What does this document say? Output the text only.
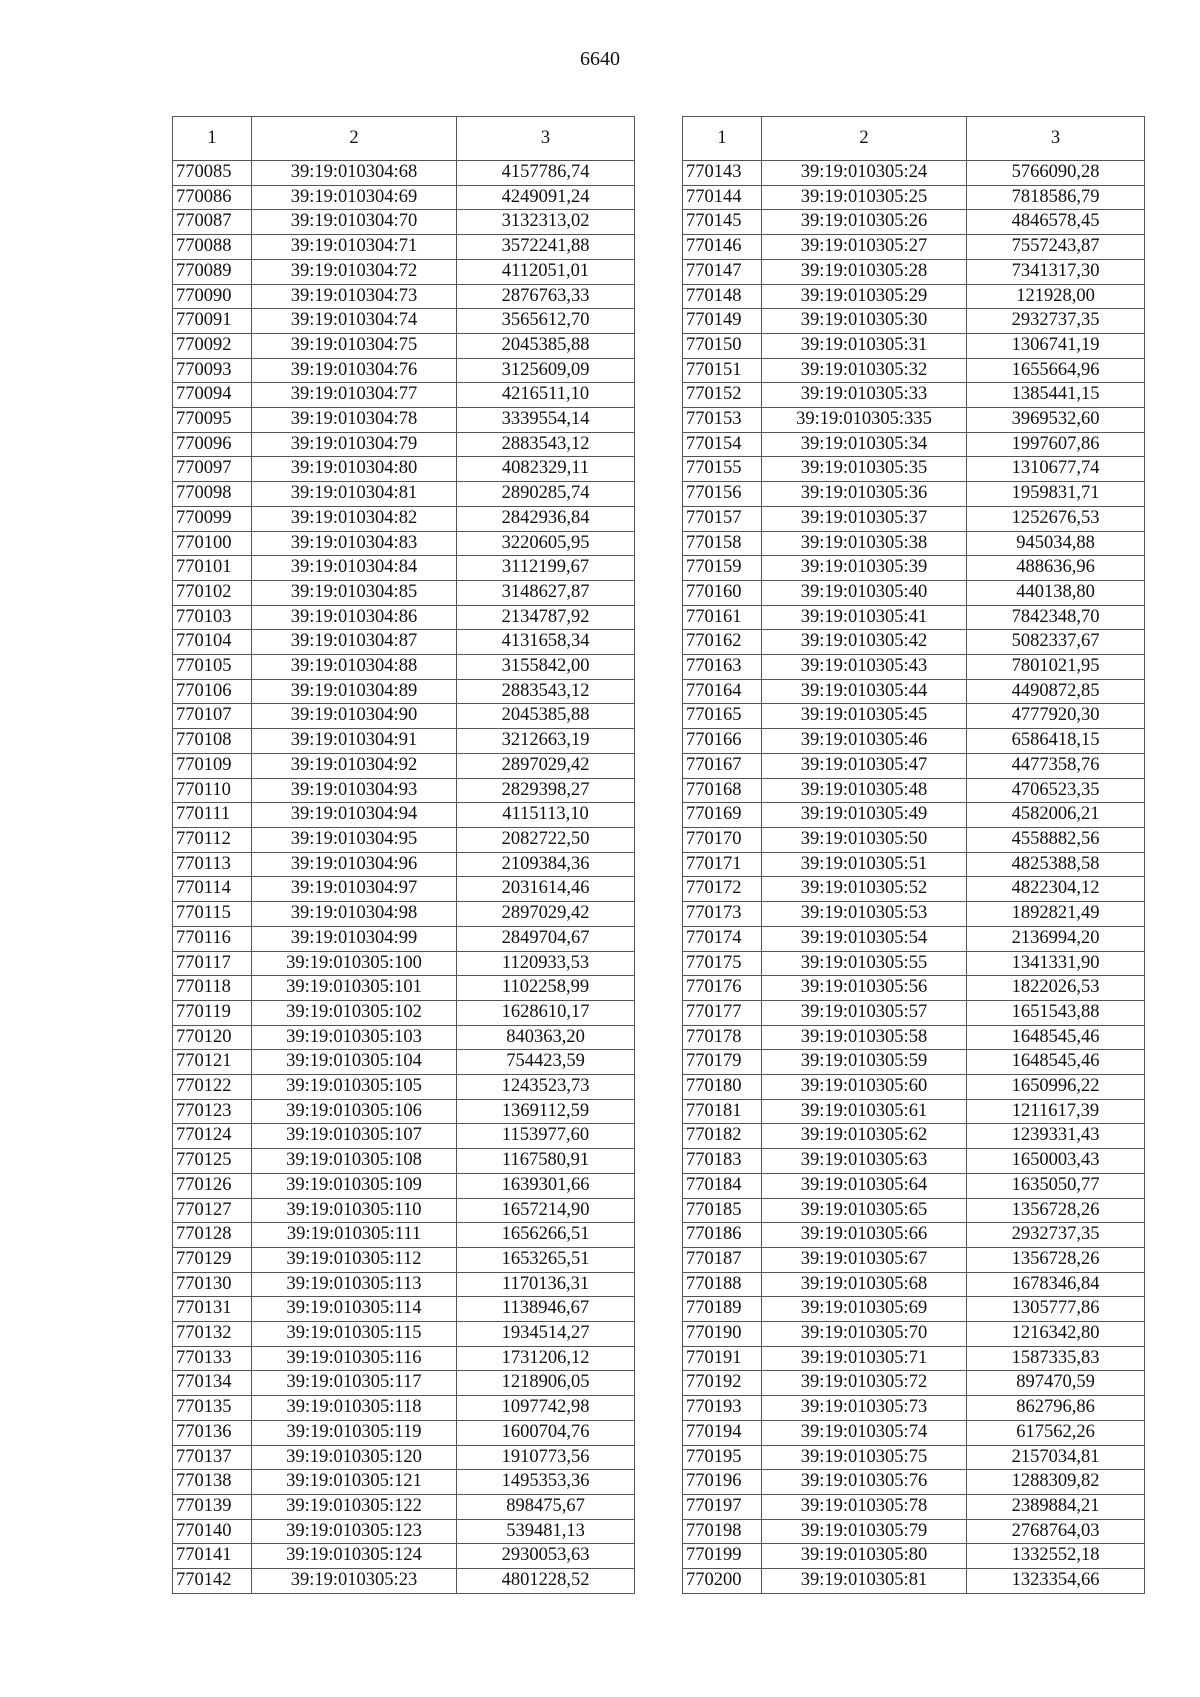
6640
1	2	3
770085	39:19:010304:68	4157786,74
770086	39:19:010304:69	4249091,24
770087	39:19:010304:70	3132313,02
770088	39:19:010304:71	3572241,88
770089	39:19:010304:72	4112051,01
770090	39:19:010304:73	2876763,33
770091	39:19:010304:74	3565612,70
770092	39:19:010304:75	2045385,88
770093	39:19:010304:76	3125609,09
770094	39:19:010304:77	4216511,10
770095	39:19:010304:78	3339554,14
770096	39:19:010304:79	2883543,12
770097	39:19:010304:80	4082329,11
770098	39:19:010304:81	2890285,74
770099	39:19:010304:82	2842936,84
770100	39:19:010304:83	3220605,95
770101	39:19:010304:84	3112199,67
770102	39:19:010304:85	3148627,87
770103	39:19:010304:86	2134787,92
770104	39:19:010304:87	4131658,34
770105	39:19:010304:88	3155842,00
770106	39:19:010304:89	2883543,12
770107	39:19:010304:90	2045385,88
770108	39:19:010304:91	3212663,19
770109	39:19:010304:92	2897029,42
770110	39:19:010304:93	2829398,27
770111	39:19:010304:94	4115113,10
770112	39:19:010304:95	2082722,50
770113	39:19:010304:96	2109384,36
770114	39:19:010304:97	2031614,46
770115	39:19:010304:98	2897029,42
770116	39:19:010304:99	2849704,67
770117	39:19:010305:100	1120933,53
770118	39:19:010305:101	1102258,99
770119	39:19:010305:102	1628610,17
770120	39:19:010305:103	840363,20
770121	39:19:010305:104	754423,59
770122	39:19:010305:105	1243523,73
770123	39:19:010305:106	1369112,59
770124	39:19:010305:107	1153977,60
770125	39:19:010305:108	1167580,91
770126	39:19:010305:109	1639301,66
770127	39:19:010305:110	1657214,90
770128	39:19:010305:111	1656266,51
770129	39:19:010305:112	1653265,51
770130	39:19:010305:113	1170136,31
770131	39:19:010305:114	1138946,67
770132	39:19:010305:115	1934514,27
770133	39:19:010305:116	1731206,12
770134	39:19:010305:117	1218906,05
770135	39:19:010305:118	1097742,98
770136	39:19:010305:119	1600704,76
770137	39:19:010305:120	1910773,56
770138	39:19:010305:121	1495353,36
770139	39:19:010305:122	898475,67
770140	39:19:010305:123	539481,13
770141	39:19:010305:124	2930053,63
770142	39:19:010305:23	4801228,52
1	2	3
770143	39:19:010305:24	5766090,28
770144	39:19:010305:25	7818586,79
770145	39:19:010305:26	4846578,45
770146	39:19:010305:27	7557243,87
770147	39:19:010305:28	7341317,30
770148	39:19:010305:29	121928,00
770149	39:19:010305:30	2932737,35
770150	39:19:010305:31	1306741,19
770151	39:19:010305:32	1655664,96
770152	39:19:010305:33	1385441,15
770153	39:19:010305:335	3969532,60
770154	39:19:010305:34	1997607,86
770155	39:19:010305:35	1310677,74
770156	39:19:010305:36	1959831,71
770157	39:19:010305:37	1252676,53
770158	39:19:010305:38	945034,88
770159	39:19:010305:39	488636,96
770160	39:19:010305:40	440138,80
770161	39:19:010305:41	7842348,70
770162	39:19:010305:42	5082337,67
770163	39:19:010305:43	7801021,95
770164	39:19:010305:44	4490872,85
770165	39:19:010305:45	4777920,30
770166	39:19:010305:46	6586418,15
770167	39:19:010305:47	4477358,76
770168	39:19:010305:48	4706523,35
770169	39:19:010305:49	4582006,21
770170	39:19:010305:50	4558882,56
770171	39:19:010305:51	4825388,58
770172	39:19:010305:52	4822304,12
770173	39:19:010305:53	1892821,49
770174	39:19:010305:54	2136994,20
770175	39:19:010305:55	1341331,90
770176	39:19:010305:56	1822026,53
770177	39:19:010305:57	1651543,88
770178	39:19:010305:58	1648545,46
770179	39:19:010305:59	1648545,46
770180	39:19:010305:60	1650996,22
770181	39:19:010305:61	1211617,39
770182	39:19:010305:62	1239331,43
770183	39:19:010305:63	1650003,43
770184	39:19:010305:64	1635050,77
770185	39:19:010305:65	1356728,26
770186	39:19:010305:66	2932737,35
770187	39:19:010305:67	1356728,26
770188	39:19:010305:68	1678346,84
770189	39:19:010305:69	1305777,86
770190	39:19:010305:70	1216342,80
770191	39:19:010305:71	1587335,83
770192	39:19:010305:72	897470,59
770193	39:19:010305:73	862796,86
770194	39:19:010305:74	617562,26
770195	39:19:010305:75	2157034,81
770196	39:19:010305:76	1288309,82
770197	39:19:010305:78	2389884,21
770198	39:19:010305:79	2768764,03
770199	39:19:010305:80	1332552,18
770200	39:19:010305:81	1323354,66
